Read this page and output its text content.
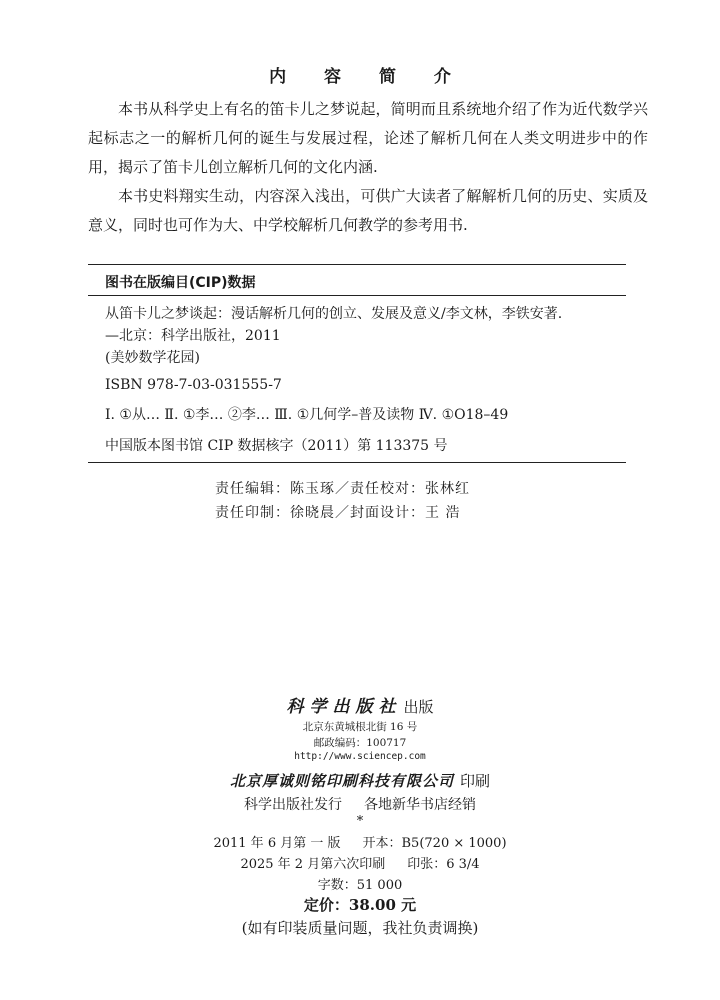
内 容 简 介

本书从科学史上有名的笛卡儿之梦说起，简明而且系统地介绍了作为近代数学兴起标志之一的解析几何的诞生与发展过程，论述了解析几何在人类文明进步中的作用，揭示了笛卡儿创立解析几何的文化内涵.

本书史料翔实生动，内容深入浅出，可供广大读者了解解析几何的历史、实质及意义，同时也可作为大、中学校解析几何教学的参考用书.

图书在版编目(CIP)数据
从笛卡儿之梦谈起：漫话解析几何的创立、发展及意义/李文林，李铁安著.
—北京：科学出版社，2011
(美妙数学花园)
ISBN 978-7-03-031555-7
Ⅰ. ①从… Ⅱ. ①李… ②李… Ⅲ. ①几何学–普及读物 Ⅳ. ①O18–49
中国版本图书馆 CIP 数据核字（2011）第 113375 号
责任编辑：陈玉琢／责任校对：张林红
责任印制：徐晓晨／封面设计：王 浩
科学出版社 出版
北京东黄城根北街 16 号
邮政编码：100717
http://www.sciencep.com
北京厚诚则铭印刷科技有限公司 印刷
科学出版社发行 各地新华书店经销
*
2011 年 6 月第 一 版 开本：B5(720 × 1000)
2025 年 2 月第六次印刷 印张：6 3/4
字数：51 000
定价：38.00 元
(如有印装质量问题，我社负责调换)
